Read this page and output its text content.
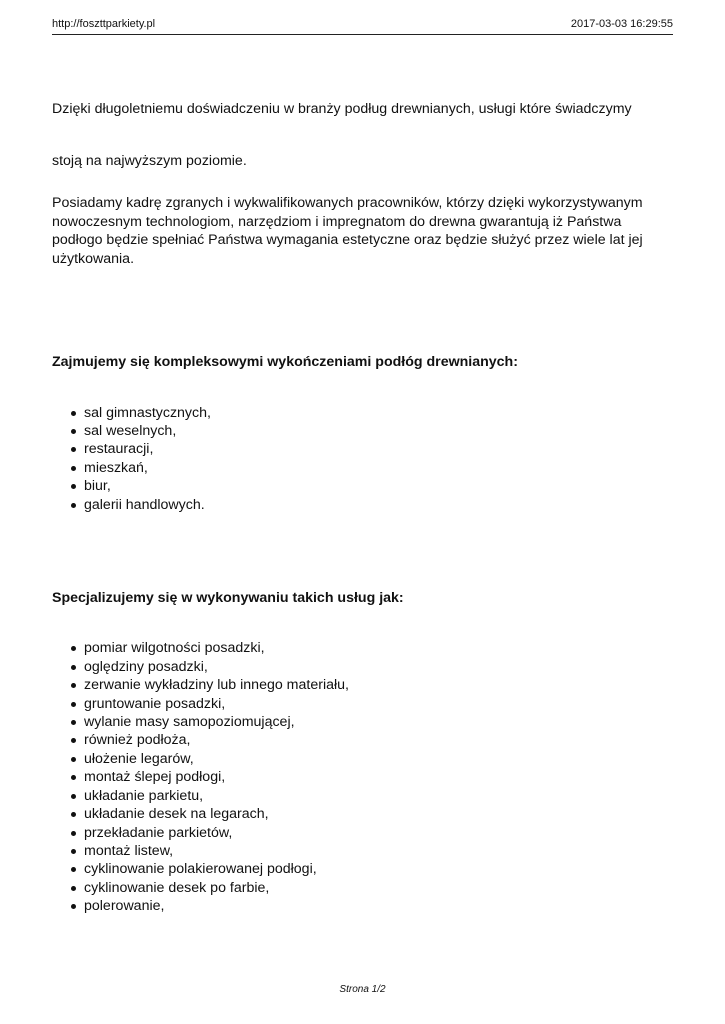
http://foszttparkiety.pl	2017-03-03 16:29:55

Dzięki długoletniemu doświadczeniu w branży podług drewnianych, usługi które świadczymy

stoją na najwyższym poziomie.

Posiadamy kadrę zgranych i wykwalifikowanych pracowników, którzy dzięki wykorzystywanym
nowoczesnym technologiom, narzędziom i impregnatom do drewna gwarantują iż Państwa
podłogo będzie spełniać Państwa wymagania estetyczne oraz będzie służyć przez wiele lat jej
użytkowania.

Zajmujemy się kompleksowymi wykończeniami podłóg drewnianych:

sal gimnastycznych,
sal weselnych,
restauracji,
mieszkań,
biur,
galerii handlowych.

Specjalizujemy się w wykonywaniu takich usług jak:

pomiar wilgotności posadzki,
oględziny posadzki,
zerwanie wykładziny lub innego materiału,
gruntowanie posadzki,
wylanie masy samopoziomującej,
również podłoża,
ułożenie legarów,
montaż ślepej podłogi,
układanie parkietu,
układanie desek na legarach,
przekładanie parkietów,
montaż listew,
cyklinowanie polakierowanej podłogi,
cyklinowanie desek po farbie,
polerowanie,
Strona 1/2
